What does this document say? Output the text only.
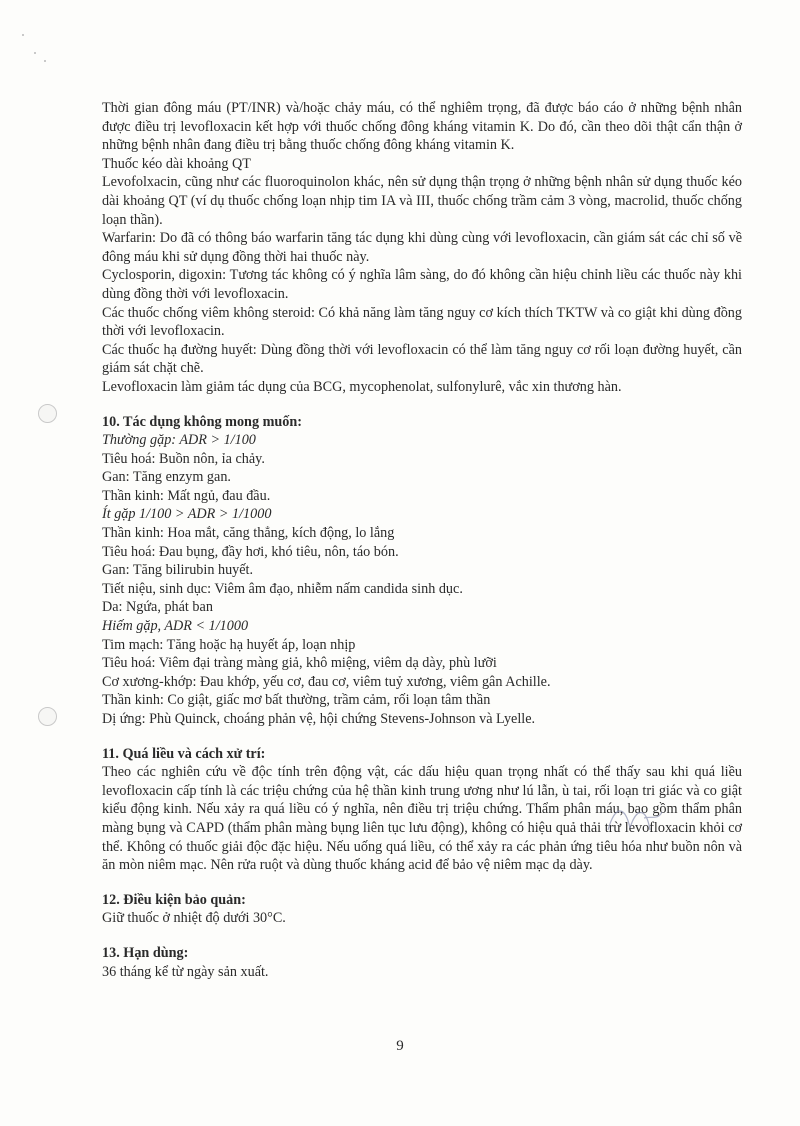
Thời gian đông máu (PT/INR) và/hoặc chảy máu, có thể nghiêm trọng, đã được báo cáo ở những bệnh nhân được điều trị levofloxacin kết hợp với thuốc chống đông kháng vitamin K. Do đó, cần theo dõi thật cẩn thận ở những bệnh nhân đang điều trị bằng thuốc chống đông kháng vitamin K.

Thuốc kéo dài khoảng QT

Levofolxacin, cũng như các fluoroquinolon khác, nên sử dụng thận trọng ở những bệnh nhân sử dụng thuốc kéo dài khoảng QT (ví dụ thuốc chống loạn nhịp tim IA và III, thuốc chống trầm cảm 3 vòng, macrolid, thuốc chống loạn thần).

Warfarin: Do đã có thông báo warfarin tăng tác dụng khi dùng cùng với levofloxacin, cần giám sát các chỉ số về đông máu khi sử dụng đồng thời hai thuốc này.

Cyclosporin, digoxin: Tương tác không có ý nghĩa lâm sàng, do đó không cần hiệu chỉnh liều các thuốc này khi dùng đồng thời với levofloxacin.

Các thuốc chống viêm không steroid: Có khả năng làm tăng nguy cơ kích thích TKTW và co giật khi dùng đồng thời với levofloxacin.

Các thuốc hạ đường huyết: Dùng đồng thời với levofloxacin có thể làm tăng nguy cơ rối loạn đường huyết, cần giám sát chặt chẽ.

Levofloxacin làm giảm tác dụng của BCG, mycophenolat, sulfonylurê, vắc xin thương hàn.

10. Tác dụng không mong muốn:

Thường gặp: ADR > 1/100

Tiêu hoá: Buồn nôn, ỉa chảy.

Gan: Tăng enzym gan.

Thần kinh: Mất ngủ, đau đầu.

Ít gặp 1/100 > ADR > 1/1000

Thần kinh: Hoa mắt, căng thẳng, kích động, lo lắng

Tiêu hoá: Đau bụng, đầy hơi, khó tiêu, nôn, táo bón.

Gan: Tăng bilirubin huyết.

Tiết niệu, sinh dục: Viêm âm đạo, nhiễm nấm candida sinh dục.

Da: Ngứa, phát ban

Hiếm gặp, ADR < 1/1000

Tim mạch: Tăng hoặc hạ huyết áp, loạn nhịp

Tiêu hoá: Viêm đại tràng màng giả, khô miệng, viêm dạ dày, phù lưỡi

Cơ xương-khớp: Đau khớp, yếu cơ, đau cơ, viêm tuỷ xương, viêm gân Achille.

Thần kinh: Co giật, giấc mơ bất thường, trầm cảm, rối loạn tâm thần

Dị ứng: Phù Quinck, choáng phản vệ, hội chứng Stevens-Johnson và Lyelle.

11. Quá liều và cách xử trí:

Theo các nghiên cứu về độc tính trên động vật, các dấu hiệu quan trọng nhất có thể thấy sau khi quá liều levofloxacin cấp tính là các triệu chứng của hệ thần kinh trung ương như lú lẫn, ù tai, rối loạn tri giác và co giật kiểu động kinh. Nếu xảy ra quá liều có ý nghĩa, nên điều trị triệu chứng. Thẩm phân máu, bao gồm thẩm phân màng bụng và CAPD (thẩm phân màng bụng liên tục lưu động), không có hiệu quả thải trừ levofloxacin khỏi cơ thể. Không có thuốc giải độc đặc hiệu. Nếu uống quá liều, có thể xảy ra các phản ứng tiêu hóa như buồn nôn và ăn mòn niêm mạc. Nên rửa ruột và dùng thuốc kháng acid để bảo vệ niêm mạc dạ dày.

12. Điều kiện bảo quản:

Giữ thuốc ở nhiệt độ dưới 30°C.

13. Hạn dùng:

36 tháng kể từ ngày sản xuất.

9
